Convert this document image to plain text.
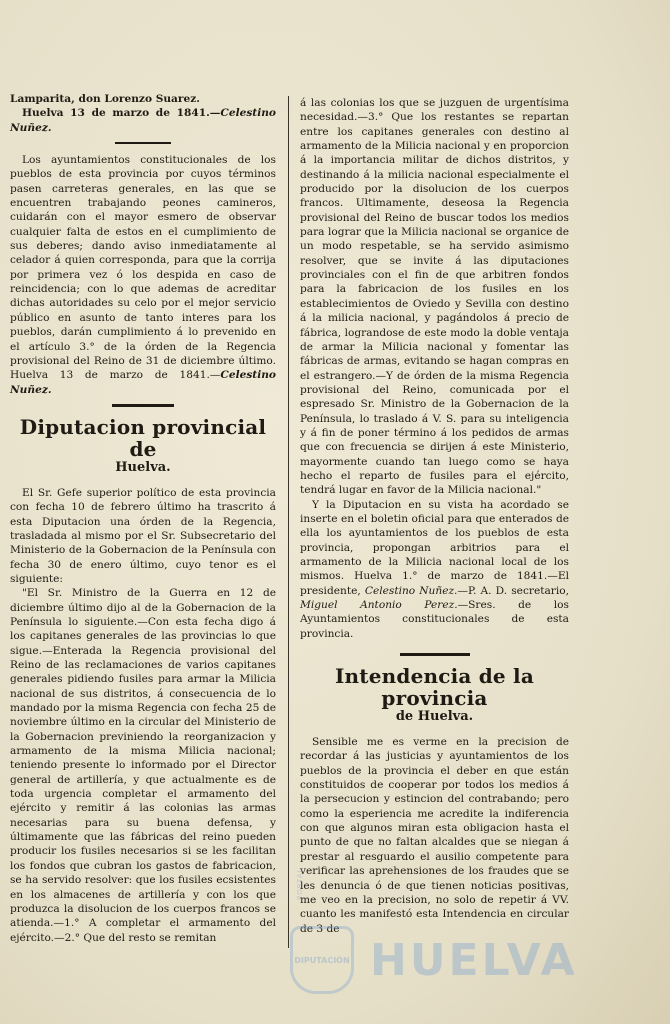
Lamparita, don Lorenzo Suarez.

Huelva 13 de marzo de 1841.—Celestino Nuñez.

Los ayuntamientos constitucionales de los pueblos de esta provincia por cuyos términos pasen carreteras generales, en las que se encuentren trabajando peones camineros, cuidarán con el mayor esmero de observar cualquier falta de estos en el cumplimiento de sus deberes; dando aviso inmediatamente al celador á quien corresponda, para que la corrija por primera vez ó los despida en caso de reincidencia; con lo que ademas de acreditar dichas autoridades su celo por el mejor servicio público en asunto de tanto interes para los pueblos, darán cumplimiento á lo prevenido en el artículo 3.° de la órden de la Regencia provisional del Reino de 31 de diciembre último. Huelva 13 de marzo de 1841.—Celestino Nuñez.

Diputacion provincial de
Huelva.

El Sr. Gefe superior político de esta provincia con fecha 10 de febrero último ha trascrito á esta Diputacion una órden de la Regencia, trasladada al mismo por el Sr. Subsecretario del Ministerio de la Gobernacion de la Península con fecha 30 de enero último, cuyo tenor es el siguiente:

"El Sr. Ministro de la Guerra en 12 de diciembre último dijo al de la Gobernacion de la Península lo siguiente.—Con esta fecha digo á los capitanes generales de las provincias lo que sigue.—Enterada la Regencia provisional del Reino de las reclamaciones de varios capitanes generales pidiendo fusiles para armar la Milicia nacional de sus distritos, á consecuencia de lo mandado por la misma Regencia con fecha 25 de noviembre último en la circular del Ministerio de la Gobernacion previniendo la reorganizacion y armamento de la misma Milicia nacional; teniendo presente lo informado por el Director general de artillería, y que actualmente es de toda urgencia completar el armamento del ejército y remitir á las colonias las armas necesarias para su buena defensa, y últimamente que las fábricas del reino pueden producir los fusiles necesarios si se les facilitan los fondos que cubran los gastos de fabricacion, se ha servido resolver: que los fusiles ecsistentes en los almacenes de artillería y con los que produzca la disolucion de los cuerpos francos se atienda.—1.° A completar el armamento del ejército.—2.° Que del resto se remitan

á las colonias los que se juzguen de urgentísima necesidad.—3.° Que los restantes se repartan entre los capitanes generales con destino al armamento de la Milicia nacional y en proporcion á la importancia militar de dichos distritos, y destinando á la milicia nacional especialmente el producido por la disolucion de los cuerpos francos. Ultimamente, deseosa la Regencia provisional del Reino de buscar todos los medios para lograr que la Milicia nacional se organice de un modo respetable, se ha servido asimismo resolver, que se invite á las diputaciones provinciales con el fin de que arbitren fondos para la fabricacion de los fusiles en los establecimientos de Oviedo y Sevilla con destino á la milicia nacional, y pagándolos á precio de fábrica, lograndose de este modo la doble ventaja de armar la Milicia nacional y fomentar las fábricas de armas, evitando se hagan compras en el estrangero.—Y de órden de la misma Regencia provisional del Reino, comunicada por el espresado Sr. Ministro de la Gobernacion de la Península, lo traslado á V. S. para su inteligencia y á fin de poner término á los pedidos de armas que con frecuencia se dirijen á este Ministerio, mayormente cuando tan luego como se haya hecho el reparto de fusiles para el ejército, tendrá lugar en favor de la Milicia nacional."

Y la Diputacion en su vista ha acordado se inserte en el boletin oficial para que enterados de ella los ayuntamientos de los pueblos de esta provincia, propongan arbitrios para el armamento de la Milicia nacional local de los mismos. Huelva 1.° de marzo de 1841.—El presidente, Celestino Nuñez.—P. A. D. secretario, Miguel Antonio Perez.—Sres. de los Ayuntamientos constitucionales de esta provincia.

Intendencia de la provincia
de Huelva.

Sensible me es verme en la precision de recordar á las justicias y ayuntamientos de los pueblos de la provincia el deber en que están constituidos de cooperar por todos los medios á la persecucion y estincion del contrabando; pero como la esperiencia me acredite la indiferencia con que algunos miran esta obligacion hasta el punto de que no faltan alcaldes que se niegan á prestar al resguardo el ausilio competente para verificar las aprehensiones de los fraudes que se les denuncia ó de que tienen noticias positivas, me veo en la precision, no solo de repetir á VV. cuanto les manifestó esta Intendencia en circular de 3 de

DIPUTACIÓN HUELVA
PORTAL
